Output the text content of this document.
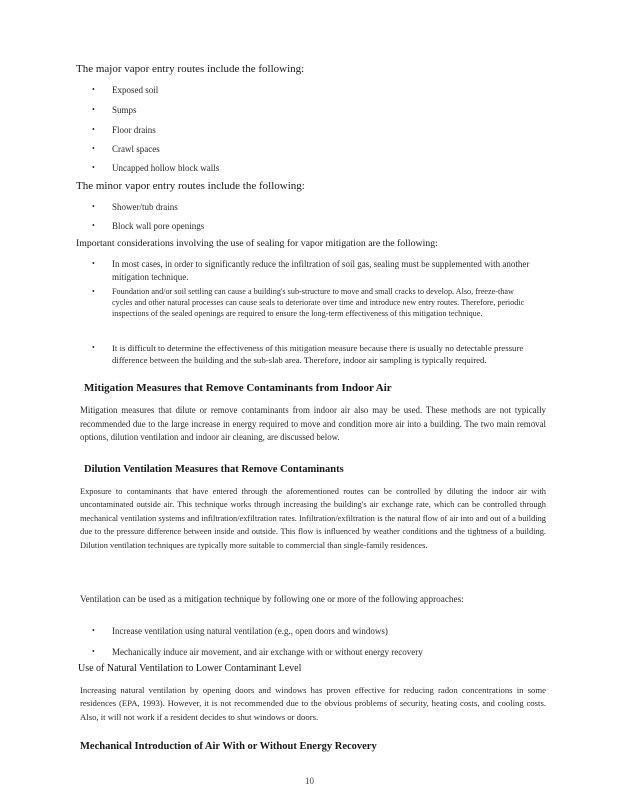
The major vapor entry routes include the following:

• Exposed soil
• Sumps
• Floor drains
• Crawl spaces
• Uncapped hollow block walls

The minor vapor entry routes include the following:

• Shower/tub drains
• Block wall pore openings

Important considerations involving the use of sealing for vapor mitigation are the following:

• In most cases, in order to significantly reduce the infiltration of soil gas, sealing must be supplemented with another mitigation technique.
• Foundation and/or soil settling can cause a building's sub-structure to move and small cracks to develop. Also, freeze-thaw cycles and other natural processes can cause seals to deteriorate over time and introduce new entry routes. Therefore, periodic inspections of the sealed openings are required to ensure the long-term effectiveness of this mitigation technique.
• It is difficult to determine the effectiveness of this mitigation measure because there is usually no detectable pressure difference between the building and the sub-slab area. Therefore, indoor air sampling is typically required.

Mitigation Measures that Remove Contaminants from Indoor Air

Mitigation measures that dilute or remove contaminants from indoor air also may be used. These methods are not typically recommended due to the large increase in energy required to move and condition more air into a building. The two main removal options, dilution ventilation and indoor air cleaning, are discussed below.

Dilution Ventilation Measures that Remove Contaminants

Exposure to contaminants that have entered through the aforementioned routes can be controlled by diluting the indoor air with uncontaminated outside air. This technique works through increasing the building's air exchange rate, which can be controlled through mechanical ventilation systems and infiltration/exfiltration rates. Infiltration/exfiltration is the natural flow of air into and out of a building due to the pressure difference between inside and outside. This flow is influenced by weather conditions and the tightness of a building. Dilution ventilation techniques are typically more suitable to commercial than single-family residences.

Ventilation can be used as a mitigation technique by following one or more of the following approaches:

• Increase ventilation using natural ventilation (e.g., open doors and windows)
• Mechanically induce air movement, and air exchange with or without energy recovery

Use of Natural Ventilation to Lower Contaminant Level

Increasing natural ventilation by opening doors and windows has proven effective for reducing radon concentrations in some residences (EPA, 1993). However, it is not recommended due to the obvious problems of security, heating costs, and cooling costs. Also, it will not work if a resident decides to shut windows or doors.

Mechanical Introduction of Air With or Without Energy Recovery

10
